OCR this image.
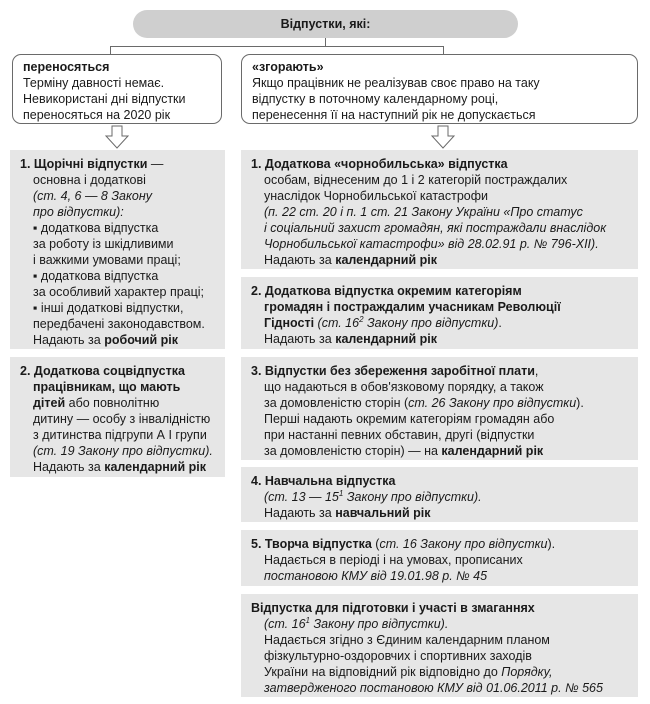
Відпустки, які:
переносяться
Терміну давності немає.
Невикористані дні відпустки
переносяться на 2020 рік
«згорають»
Якщо працівник не реалізував своє право на таку
відпустку в поточному календарному році,
перенесення її на наступний рік не допускається
1. Щорічні відпустки —
основна і додаткові
(ст. 4, 6 — 8 Закону
про відпустки):
▪ додаткова відпустка
за роботу із шкідливими
і важкими умовами праці;
▪ додаткова відпустка
за особливий характер праці;
▪ інші додаткові відпустки,
передбачені законодавством.
Надають за робочий рік
2. Додаткова соцвідпустка
працівникам, що мають
дітей або повнолітню
дитину — особу з інвалідністю
з дитинства підгрупи А І групи
(ст. 19 Закону про відпустки).
Надають за календарний рік
1. Додаткова «чорнобильська» відпустка
особам, віднесеним до 1 і 2 категорій постраждалих
унаслідок Чорнобильської катастрофи
(п. 22 ст. 20 і п. 1 ст. 21 Закону України «Про статус
і соціальний захист громадян, які постраждали внаслідок
Чорнобильської катастрофи» від 28.02.91 р. № 796-XII).
Надають за календарний рік
2. Додаткова відпустка окремим категоріям
громадян і постраждалим учасникам Революції
Гідності (ст. $16^2$ Закону про відпустки).
Надають за календарний рік
3. Відпустки без збереження заробітної плати,
що надаються в обов'язковому порядку, а також
за домовленістю сторін (ст. 26 Закону про відпустки).
Перші надають окремим категоріям громадян або
при настанні певних обставин, другі (відпустки
за домовленістю сторін) — на календарний рік
4. Навчальна відпустка
(ст. 13 — $15^1$ Закону про відпустки).
Надають за навчальний рік
5. Творча відпустка (ст. 16 Закону про відпустки).
Надається в періоді і на умовах, прописаних
постановою КМУ від 19.01.98 р. № 45
Відпустка для підготовки і участі в змаганнях
(ст. $16^1$ Закону про відпустки).
Надається згідно з Єдиним календарним планом
фізкультурно-оздоровчих і спортивних заходів
України на відповідний рік відповідно до Порядку,
затвердженого постановою КМУ від 01.06.2011 р. № 565
